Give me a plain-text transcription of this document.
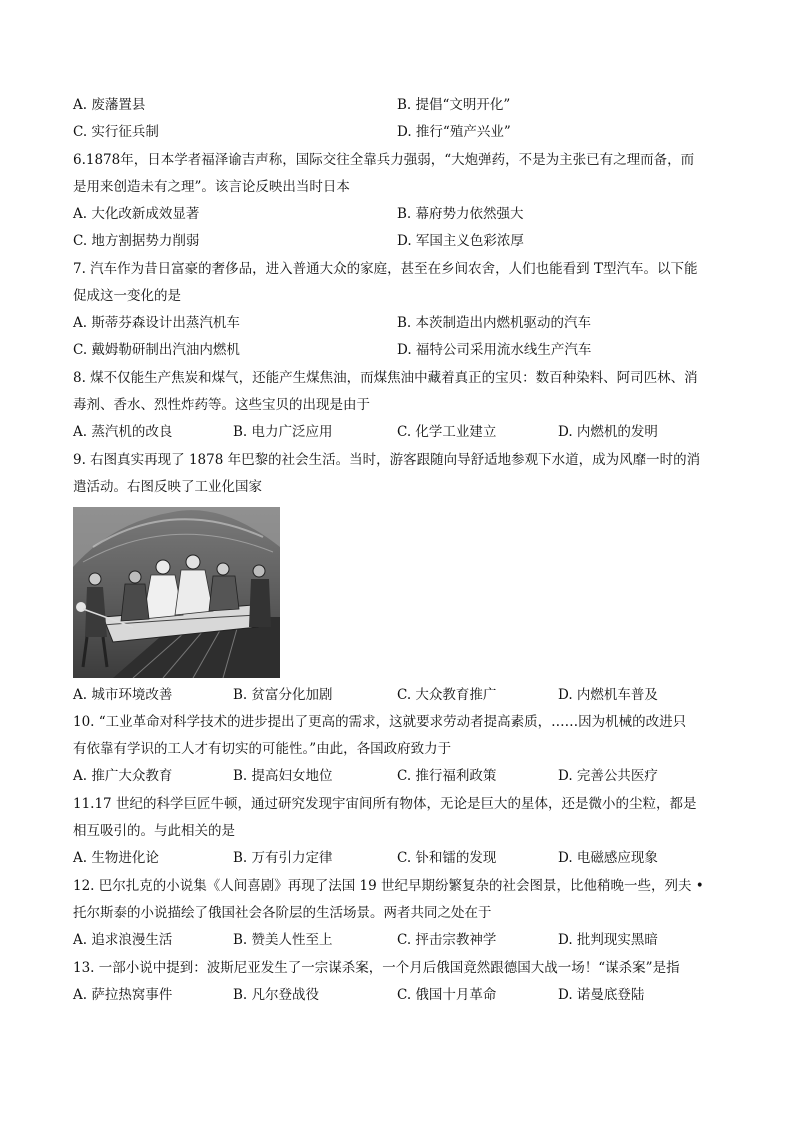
A. 废藩置县	B. 提倡“文明开化”
C. 实行征兵制	D. 推行“殖产兴业”
6.1878年，日本学者福泽谕吉声称，国际交往全靠兵力强弱，“大炮弹药，不是为主张已有之理而备，而
是用来创造未有之理”。该言论反映出当时日本
A. 大化改新成效显著	B. 幕府势力依然强大
C. 地方割据势力削弱	D. 军国主义色彩浓厚
7. 汽车作为昔日富豪的奢侈品，进入普通大众的家庭，甚至在乡间农舍，人们也能看到 T型汽车。以下能
促成这一变化的是
A. 斯蒂芬森设计出蒸汽机车	B. 本茨制造出内燃机驱动的汽车
C. 戴姆勒研制出汽油内燃机	D. 福特公司采用流水线生产汽车
8. 煤不仅能生产焦炭和煤气，还能产生煤焦油，而煤焦油中藏着真正的宝贝：数百种染料、阿司匹林、消
毒剂、香水、烈性炸药等。这些宝贝的出现是由于
A. 蒸汽机的改良	B. 电力广泛应用	C. 化学工业建立	D. 内燃机的发明
9. 右图真实再现了 1878 年巴黎的社会生活。当时，游客跟随向导舒适地参观下水道，成为风靡一时的消
遣活动。右图反映了工业化国家
A. 城市环境改善	B. 贫富分化加剧	C. 大众教育推广	D. 内燃机车普及
10. “工业革命对科学技术的进步提出了更高的需求，这就要求劳动者提高素质，……因为机械的改进只
有依靠有学识的工人才有切实的可能性。”由此，各国政府致力于
A. 推广大众教育	B. 提高妇女地位	C. 推行福利政策	D. 完善公共医疗
11.17 世纪的科学巨匠牛顿，通过研究发现宇宙间所有物体，无论是巨大的星体，还是微小的尘粒，都是
相互吸引的。与此相关的是
A. 生物进化论	B. 万有引力定律	C. 钋和镭的发现	D. 电磁感应现象
12. 巴尔扎克的小说集《人间喜剧》再现了法国 19 世纪早期纷繁复杂的社会图景，比他稍晚一些，列夫 •
托尔斯泰的小说描绘了俄国社会各阶层的生活场景。两者共同之处在于
A. 追求浪漫生活	B. 赞美人性至上	C. 抨击宗教神学	D. 批判现实黑暗
13. 一部小说中提到：波斯尼亚发生了一宗谋杀案，一个月后俄国竟然跟德国大战一场！“谋杀案”是指
A. 萨拉热窝事件	B. 凡尔登战役	C. 俄国十月革命	D. 诺曼底登陆
